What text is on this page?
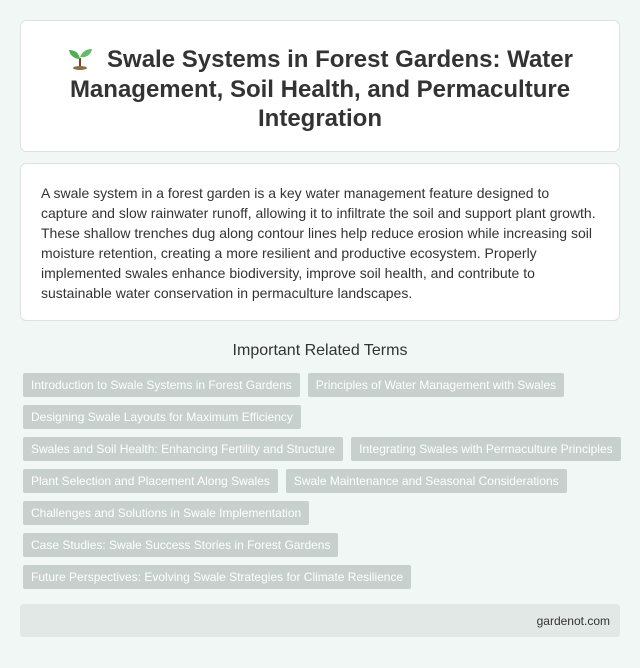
Swale Systems in Forest Gardens: Water Management, Soil Health, and Permaculture Integration

A swale system in a forest garden is a key water management feature designed to capture and slow rainwater runoff, allowing it to infiltrate the soil and support plant growth. These shallow trenches dug along contour lines help reduce erosion while increasing soil moisture retention, creating a more resilient and productive ecosystem. Properly implemented swales enhance biodiversity, improve soil health, and contribute to sustainable water conservation in permaculture landscapes.

Important Related Terms
Introduction to Swale Systems in Forest Gardens	Principles of Water Management with Swales
Designing Swale Layouts for Maximum Efficiency
Swales and Soil Health: Enhancing Fertility and Structure	Integrating Swales with Permaculture Principles
Plant Selection and Placement Along Swales	Swale Maintenance and Seasonal Considerations
Challenges and Solutions in Swale Implementation
Case Studies: Swale Success Stories in Forest Gardens
Future Perspectives: Evolving Swale Strategies for Climate Resilience
gardenot.com
